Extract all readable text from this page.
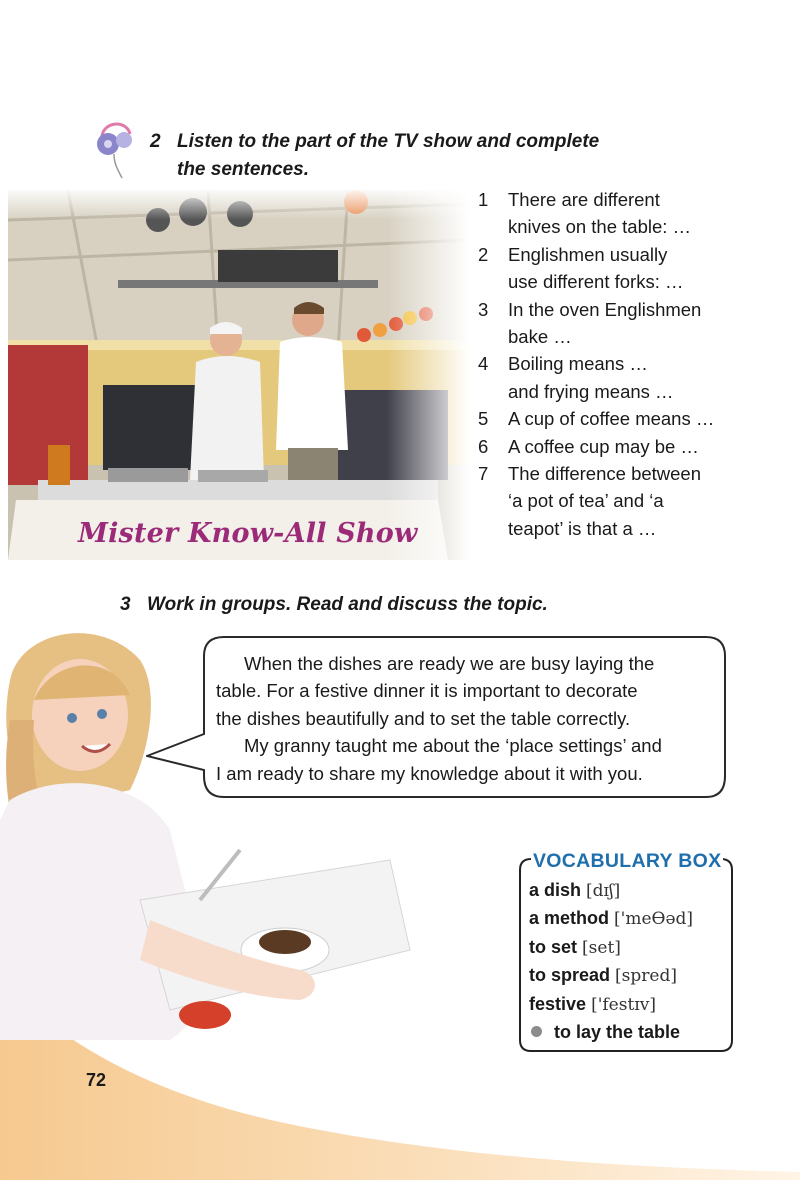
2 Listen to the part of the TV show and complete
the sentences.
Mister Know-All Show
1	There are different
knives on the table: …
2	Englishmen usually
use different forks: …
3	In the oven Englishmen
bake …
4	Boiling means …
and frying means …
5	A cup of coffee means …
6	A coffee cup may be …
7	The difference between
‘a pot of tea’ and ‘a
teapot’ is that a …
3 Work in groups. Read and discuss the topic.

When the dishes are ready we are busy laying the

table. For a festive dinner it is important to decorate

the dishes beautifully and to set the table correctly.

My granny taught me about the ‘place settings’ and

I am ready to share my knowledge about it with you.

VOCABULARY BOX
a dish [dɪʃ]
a method ['meƟəd]
to set [set]
to spread [spred]
festive ['festɪv]
to lay the table
72
